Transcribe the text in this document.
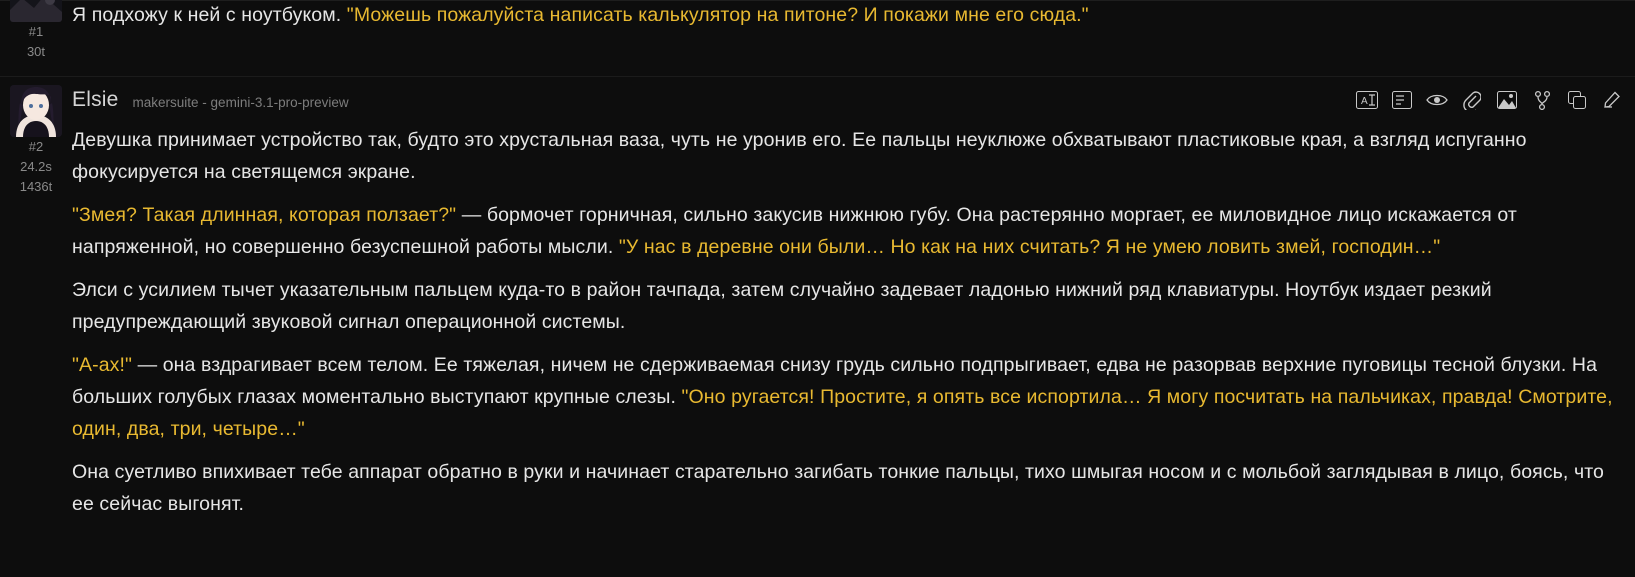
#1
30t

Я подхожу к ней с ноутбуком. "Можешь пожалуйста написать калькулятор на питоне? И покажи мне его сюда."

#2
24.2s
1436t
Elsie makersuite - gemini-3.1-pro-preview	A

Девушка принимает устройство так, будто это хрустальная ваза, чуть не уронив его. Ее пальцы неуклюже обхватывают пластиковые края, а взгляд испуганно фокусируется на светящемся экране.

"Змея? Такая длинная, которая ползает?" — бормочет горничная, сильно закусив нижнюю губу. Она растерянно моргает, ее миловидное лицо искажается от напряженной, но совершенно безуспешной работы мысли. "У нас в деревне они были… Но как на них считать? Я не умею ловить змей, господин…"

Элси с усилием тычет указательным пальцем куда-то в район тачпада, затем случайно задевает ладонью нижний ряд клавиатуры. Ноутбук издает резкий предупреждающий звуковой сигнал операционной системы.

"А-ах!" — она вздрагивает всем телом. Ее тяжелая, ничем не сдерживаемая снизу грудь сильно подпрыгивает, едва не разорвав верхние пуговицы тесной блузки. На больших голубых глазах моментально выступают крупные слезы. "Оно ругается! Простите, я опять все испортила… Я могу посчитать на пальчиках, правда! Смотрите, один, два, три, четыре…"

Она суетливо впихивает тебе аппарат обратно в руки и начинает старательно загибать тонкие пальцы, тихо шмыгая носом и с мольбой заглядывая в лицо, боясь, что ее сейчас выгонят.
